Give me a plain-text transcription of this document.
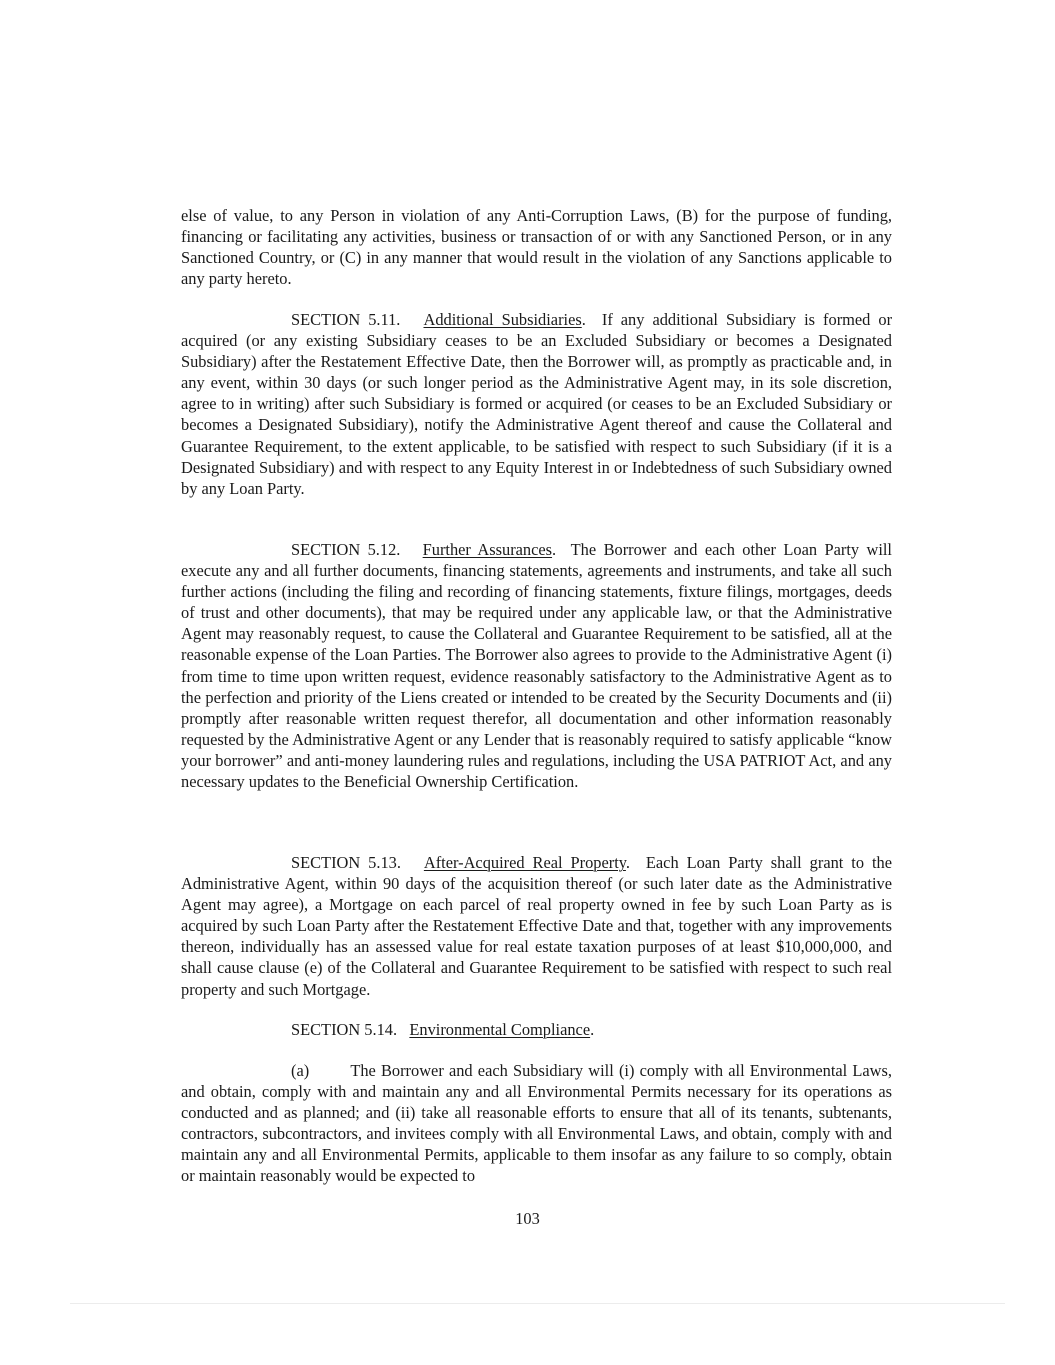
else of value, to any Person in violation of any Anti-Corruption Laws, (B) for the purpose of funding, financing or facilitating any activities, business or transaction of or with any Sanctioned Person, or in any Sanctioned Country, or (C) in any manner that would result in the violation of any Sanctions applicable to any party hereto.

SECTION 5.11. Additional Subsidiaries.  If any additional Subsidiary is formed or acquired (or any existing Subsidiary ceases to be an Excluded Subsidiary or becomes a Designated Subsidiary) after the Restatement Effective Date, then the Borrower will, as promptly as practicable and, in any event, within 30 days (or such longer period as the Administrative Agent may, in its sole discretion, agree to in writing) after such Subsidiary is formed or acquired (or ceases to be an Excluded Subsidiary or becomes a Designated Subsidiary), notify the Administrative Agent thereof and cause the Collateral and Guarantee Requirement, to the extent applicable, to be satisfied with respect to such Subsidiary (if it is a Designated Subsidiary) and with respect to any Equity Interest in or Indebtedness of such Subsidiary owned by any Loan Party.

SECTION 5.12. Further Assurances.  The Borrower and each other Loan Party will execute any and all further documents, financing statements, agreements and instruments, and take all such further actions (including the filing and recording of financing statements, fixture filings, mortgages, deeds of trust and other documents), that may be required under any applicable law, or that the Administrative Agent may reasonably request, to cause the Collateral and Guarantee Requirement to be satisfied, all at the reasonable expense of the Loan Parties. The Borrower also agrees to provide to the Administrative Agent (i) from time to time upon written request, evidence reasonably satisfactory to the Administrative Agent as to the perfection and priority of the Liens created or intended to be created by the Security Documents and (ii) promptly after reasonable written request therefor, all documentation and other information reasonably requested by the Administrative Agent or any Lender that is reasonably required to satisfy applicable “know your borrower” and anti-money laundering rules and regulations, including the USA PATRIOT Act, and any necessary updates to the Beneficial Ownership Certification.

SECTION 5.13. After-Acquired Real Property.  Each Loan Party shall grant to the Administrative Agent, within 90 days of the acquisition thereof (or such later date as the Administrative Agent may agree), a Mortgage on each parcel of real property owned in fee by such Loan Party as is acquired by such Loan Party after the Restatement Effective Date and that, together with any improvements thereon, individually has an assessed value for real estate taxation purposes of at least $10,000,000, and shall cause clause (e) of the Collateral and Guarantee Requirement to be satisfied with respect to such real property and such Mortgage.

SECTION 5.14. Environmental Compliance.

(a)	The Borrower and each Subsidiary will (i) comply with all Environmental Laws, and obtain, comply with and maintain any and all Environmental Permits necessary for its operations as conducted and as planned; and (ii) take all reasonable efforts to ensure that all of its tenants, subtenants, contractors, subcontractors, and invitees comply with all Environmental Laws, and obtain, comply with and maintain any and all Environmental Permits, applicable to them insofar as any failure to so comply, obtain or maintain reasonably would be expected to

103
